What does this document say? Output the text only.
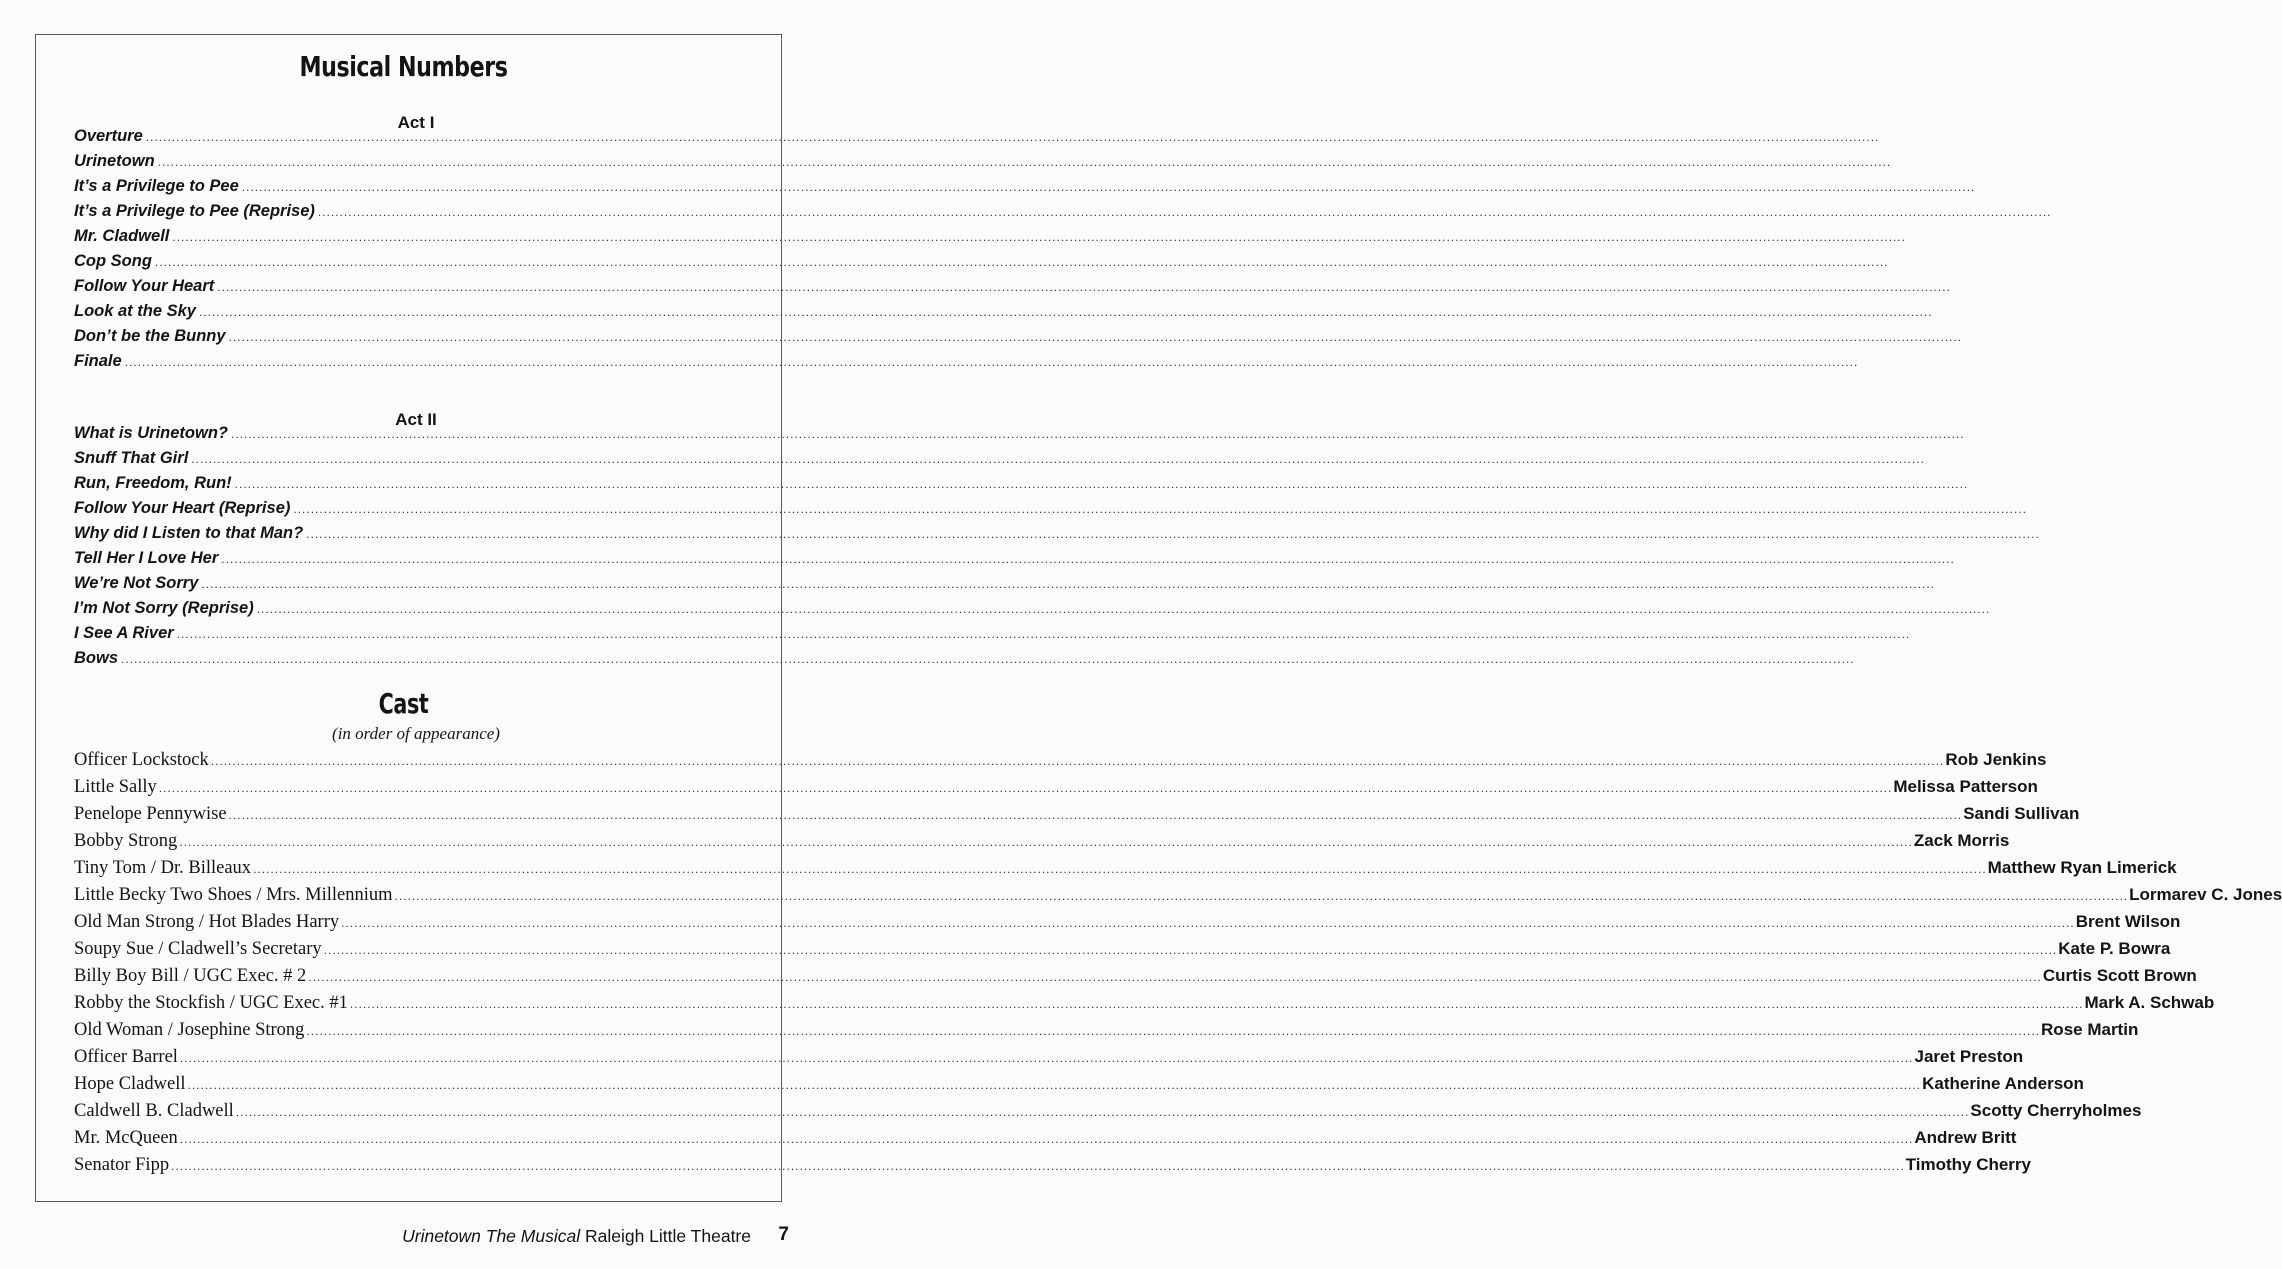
Musical Numbers
Act I
Overture ................................................................................................................................................................................................................................................................................................................................................................................................................
Urinetown ................................................................................................................................................................................................................................................................................................................................................................................................................
It’s a Privilege to Pee ................................................................................................................................................................................................................................................................................................................................................................................................................
It’s a Privilege to Pee (Reprise) ................................................................................................................................................................................................................................................................................................................................................................................................................
Mr. Cladwell ................................................................................................................................................................................................................................................................................................................................................................................................................
Cop Song ................................................................................................................................................................................................................................................................................................................................................................................................................
Follow Your Heart ................................................................................................................................................................................................................................................................................................................................................................................................................
Look at the Sky ................................................................................................................................................................................................................................................................................................................................................................................................................
Don’t be the Bunny ................................................................................................................................................................................................................................................................................................................................................................................................................
Finale ................................................................................................................................................................................................................................................................................................................................................................................................................
Act II
What is Urinetown? ................................................................................................................................................................................................................................................................................................................................................................................................................
Snuff That Girl ................................................................................................................................................................................................................................................................................................................................................................................................................
Run, Freedom, Run! ................................................................................................................................................................................................................................................................................................................................................................................................................
Follow Your Heart (Reprise) ................................................................................................................................................................................................................................................................................................................................................................................................................
Why did I Listen to that Man? ................................................................................................................................................................................................................................................................................................................................................................................................................
Tell Her I Love Her ................................................................................................................................................................................................................................................................................................................................................................................................................
We’re Not Sorry ................................................................................................................................................................................................................................................................................................................................................................................................................
I’m Not Sorry (Reprise) ................................................................................................................................................................................................................................................................................................................................................................................................................
I See A River ................................................................................................................................................................................................................................................................................................................................................................................................................
Bows ................................................................................................................................................................................................................................................................................................................................................................................................................
Cast
(in order of appearance)
Officer Lockstock ................................................................................................................................................................................................................................................................................................................................................................................................................ Rob Jenkins
Little Sally ................................................................................................................................................................................................................................................................................................................................................................................................................ Melissa Patterson
Penelope Pennywise ................................................................................................................................................................................................................................................................................................................................................................................................................ Sandi Sullivan
Bobby Strong ................................................................................................................................................................................................................................................................................................................................................................................................................ Zack Morris
Tiny Tom / Dr. Billeaux ................................................................................................................................................................................................................................................................................................................................................................................................................ Matthew Ryan Limerick
Little Becky Two Shoes / Mrs. Millennium ................................................................................................................................................................................................................................................................................................................................................................................................................ Lormarev C. Jones
Old Man Strong / Hot Blades Harry ................................................................................................................................................................................................................................................................................................................................................................................................................ Brent Wilson
Soupy Sue / Cladwell’s Secretary ................................................................................................................................................................................................................................................................................................................................................................................................................ Kate P. Bowra
Billy Boy Bill / UGC Exec. # 2 ................................................................................................................................................................................................................................................................................................................................................................................................................ Curtis Scott Brown
Robby the Stockfish / UGC Exec. #1 ................................................................................................................................................................................................................................................................................................................................................................................................................ Mark A. Schwab
Old Woman / Josephine Strong ................................................................................................................................................................................................................................................................................................................................................................................................................ Rose Martin
Officer Barrel ................................................................................................................................................................................................................................................................................................................................................................................................................ Jaret Preston
Hope Cladwell ................................................................................................................................................................................................................................................................................................................................................................................................................ Katherine Anderson
Caldwell B. Cladwell ................................................................................................................................................................................................................................................................................................................................................................................................................ Scotty Cherryholmes
Mr. McQueen ................................................................................................................................................................................................................................................................................................................................................................................................................ Andrew Britt
Senator Fipp ................................................................................................................................................................................................................................................................................................................................................................................................................ Timothy Cherry
Urinetown The Musical Raleigh Little Theatre 7
